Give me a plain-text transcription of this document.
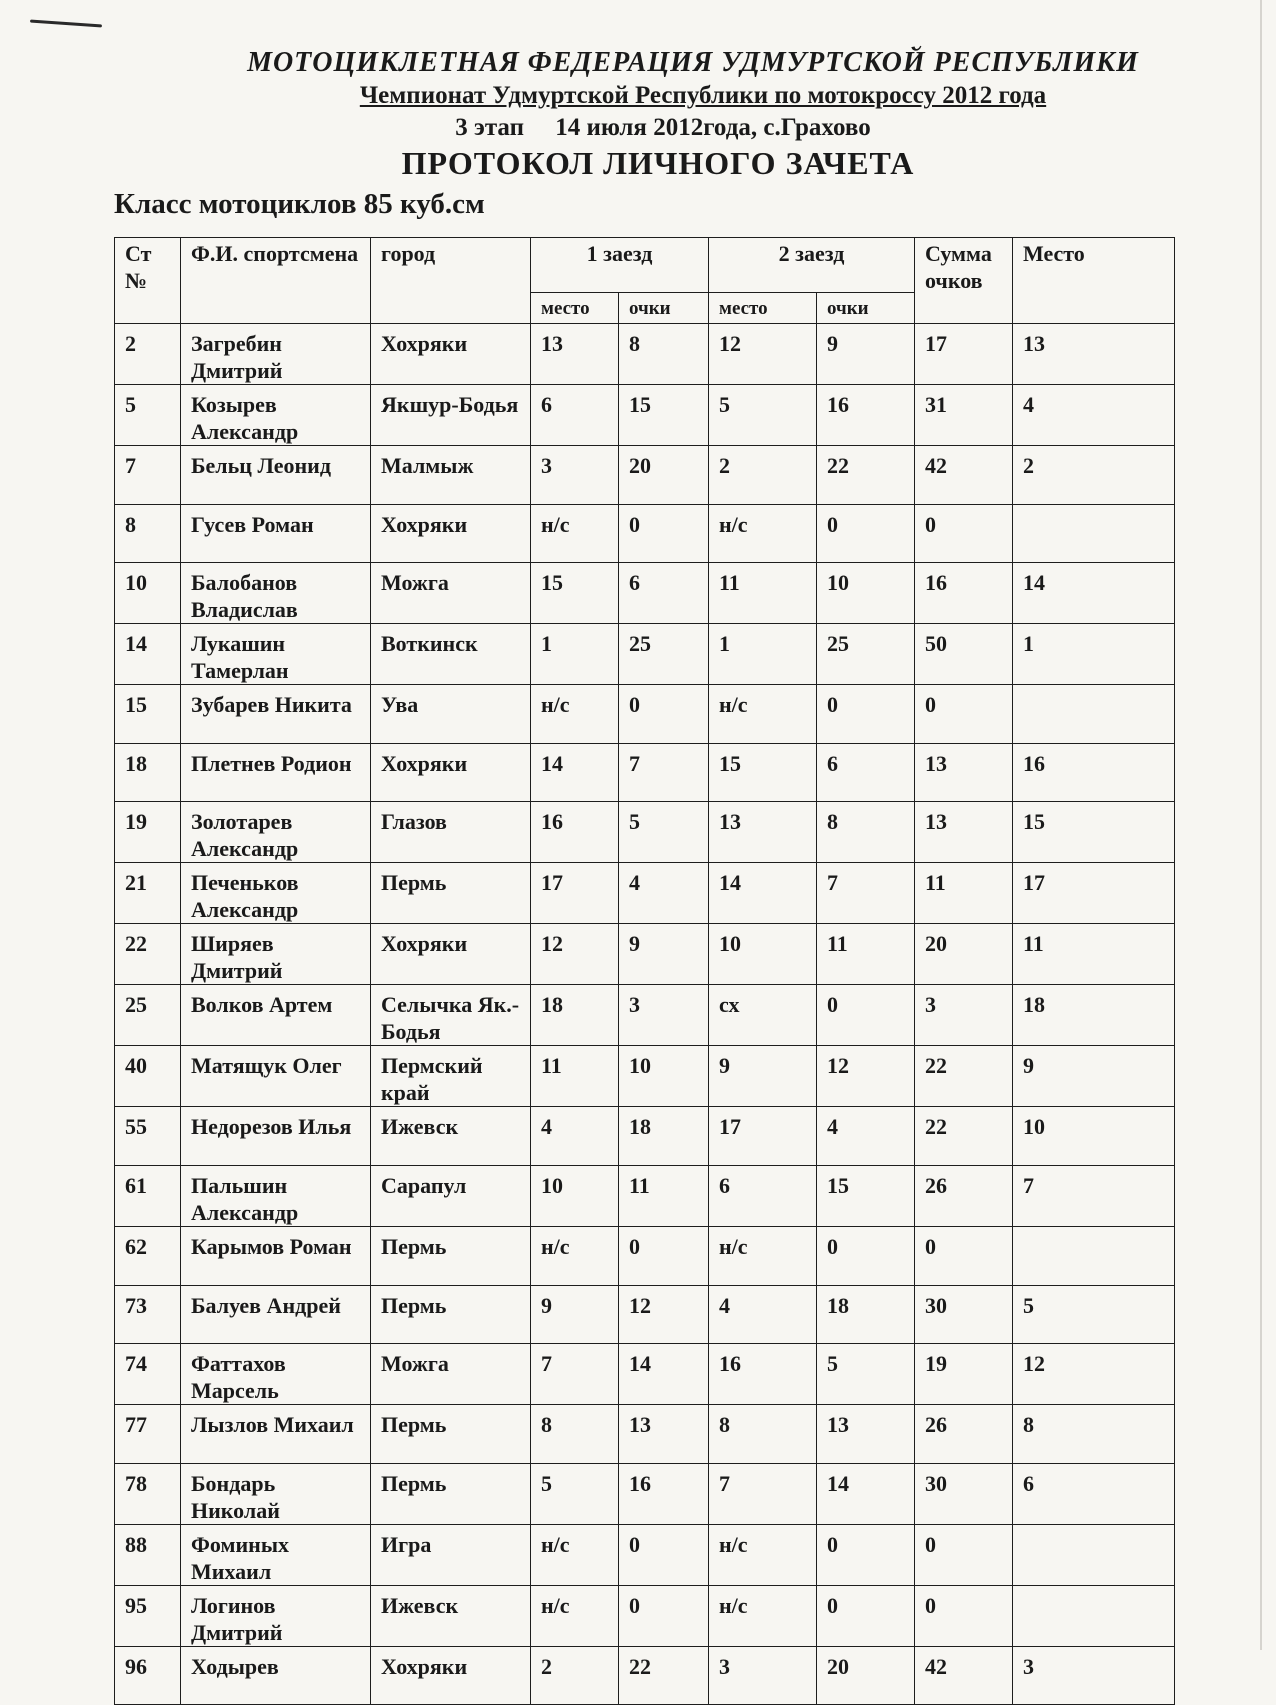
МОТОЦИКЛЕТНАЯ ФЕДЕРАЦИЯ УДМУРТСКОЙ РЕСПУБЛИКИ
Чемпионат Удмуртской Республики по мотокроссу 2012 года
3 этап     14 июля 2012года, с.Грахово
ПРОТОКОЛ ЛИЧНОГО ЗАЧЕТА
Класс мотоциклов 85 куб.см
Ст №	Ф.И. спортсмена	город	1 заезд		2 заезд		Сумма очков	Место
			место	очки	место	очки		
2	Загребин Дмитрий	Хохряки	13	8	12	9	17	13
5	Козырев Александр	Якшур-Бодья	6	15	5	16	31	4
7	Бельц Леонид	Малмыж	3	20	2	22	42	2
8	Гусев Роман	Хохряки	н/с	0	н/с	0	0	
10	Балобанов Владислав	Можга	15	6	11	10	16	14
14	Лукашин Тамерлан	Воткинск	1	25	1	25	50	1
15	Зубарев Никита	Ува	н/с	0	н/с	0	0	
18	Плетнев Родион	Хохряки	14	7	15	6	13	16
19	Золотарев Александр	Глазов	16	5	13	8	13	15
21	Печеньков Александр	Пермь	17	4	14	7	11	17
22	Ширяев Дмитрий	Хохряки	12	9	10	11	20	11
25	Волков Артем	Селычка Як.-Бодья	18	3	сх	0	3	18
40	Матящук Олег	Пермский край	11	10	9	12	22	9
55	Недорезов Илья	Ижевск	4	18	17	4	22	10
61	Пальшин Александр	Сарапул	10	11	6	15	26	7
62	Карымов Роман	Пермь	н/с	0	н/с	0	0	
73	Балуев Андрей	Пермь	9	12	4	18	30	5
74	Фаттахов Марсель	Можга	7	14	16	5	19	12
77	Лызлов Михаил	Пермь	8	13	8	13	26	8
78	Бондарь Николай	Пермь	5	16	7	14	30	6
88	Фоминых Михаил	Игра	н/с	0	н/с	0	0	
95	Логинов Дмитрий	Ижевск	н/с	0	н/с	0	0	
96	Ходырев	Хохряки	2	22	3	20	42	3
